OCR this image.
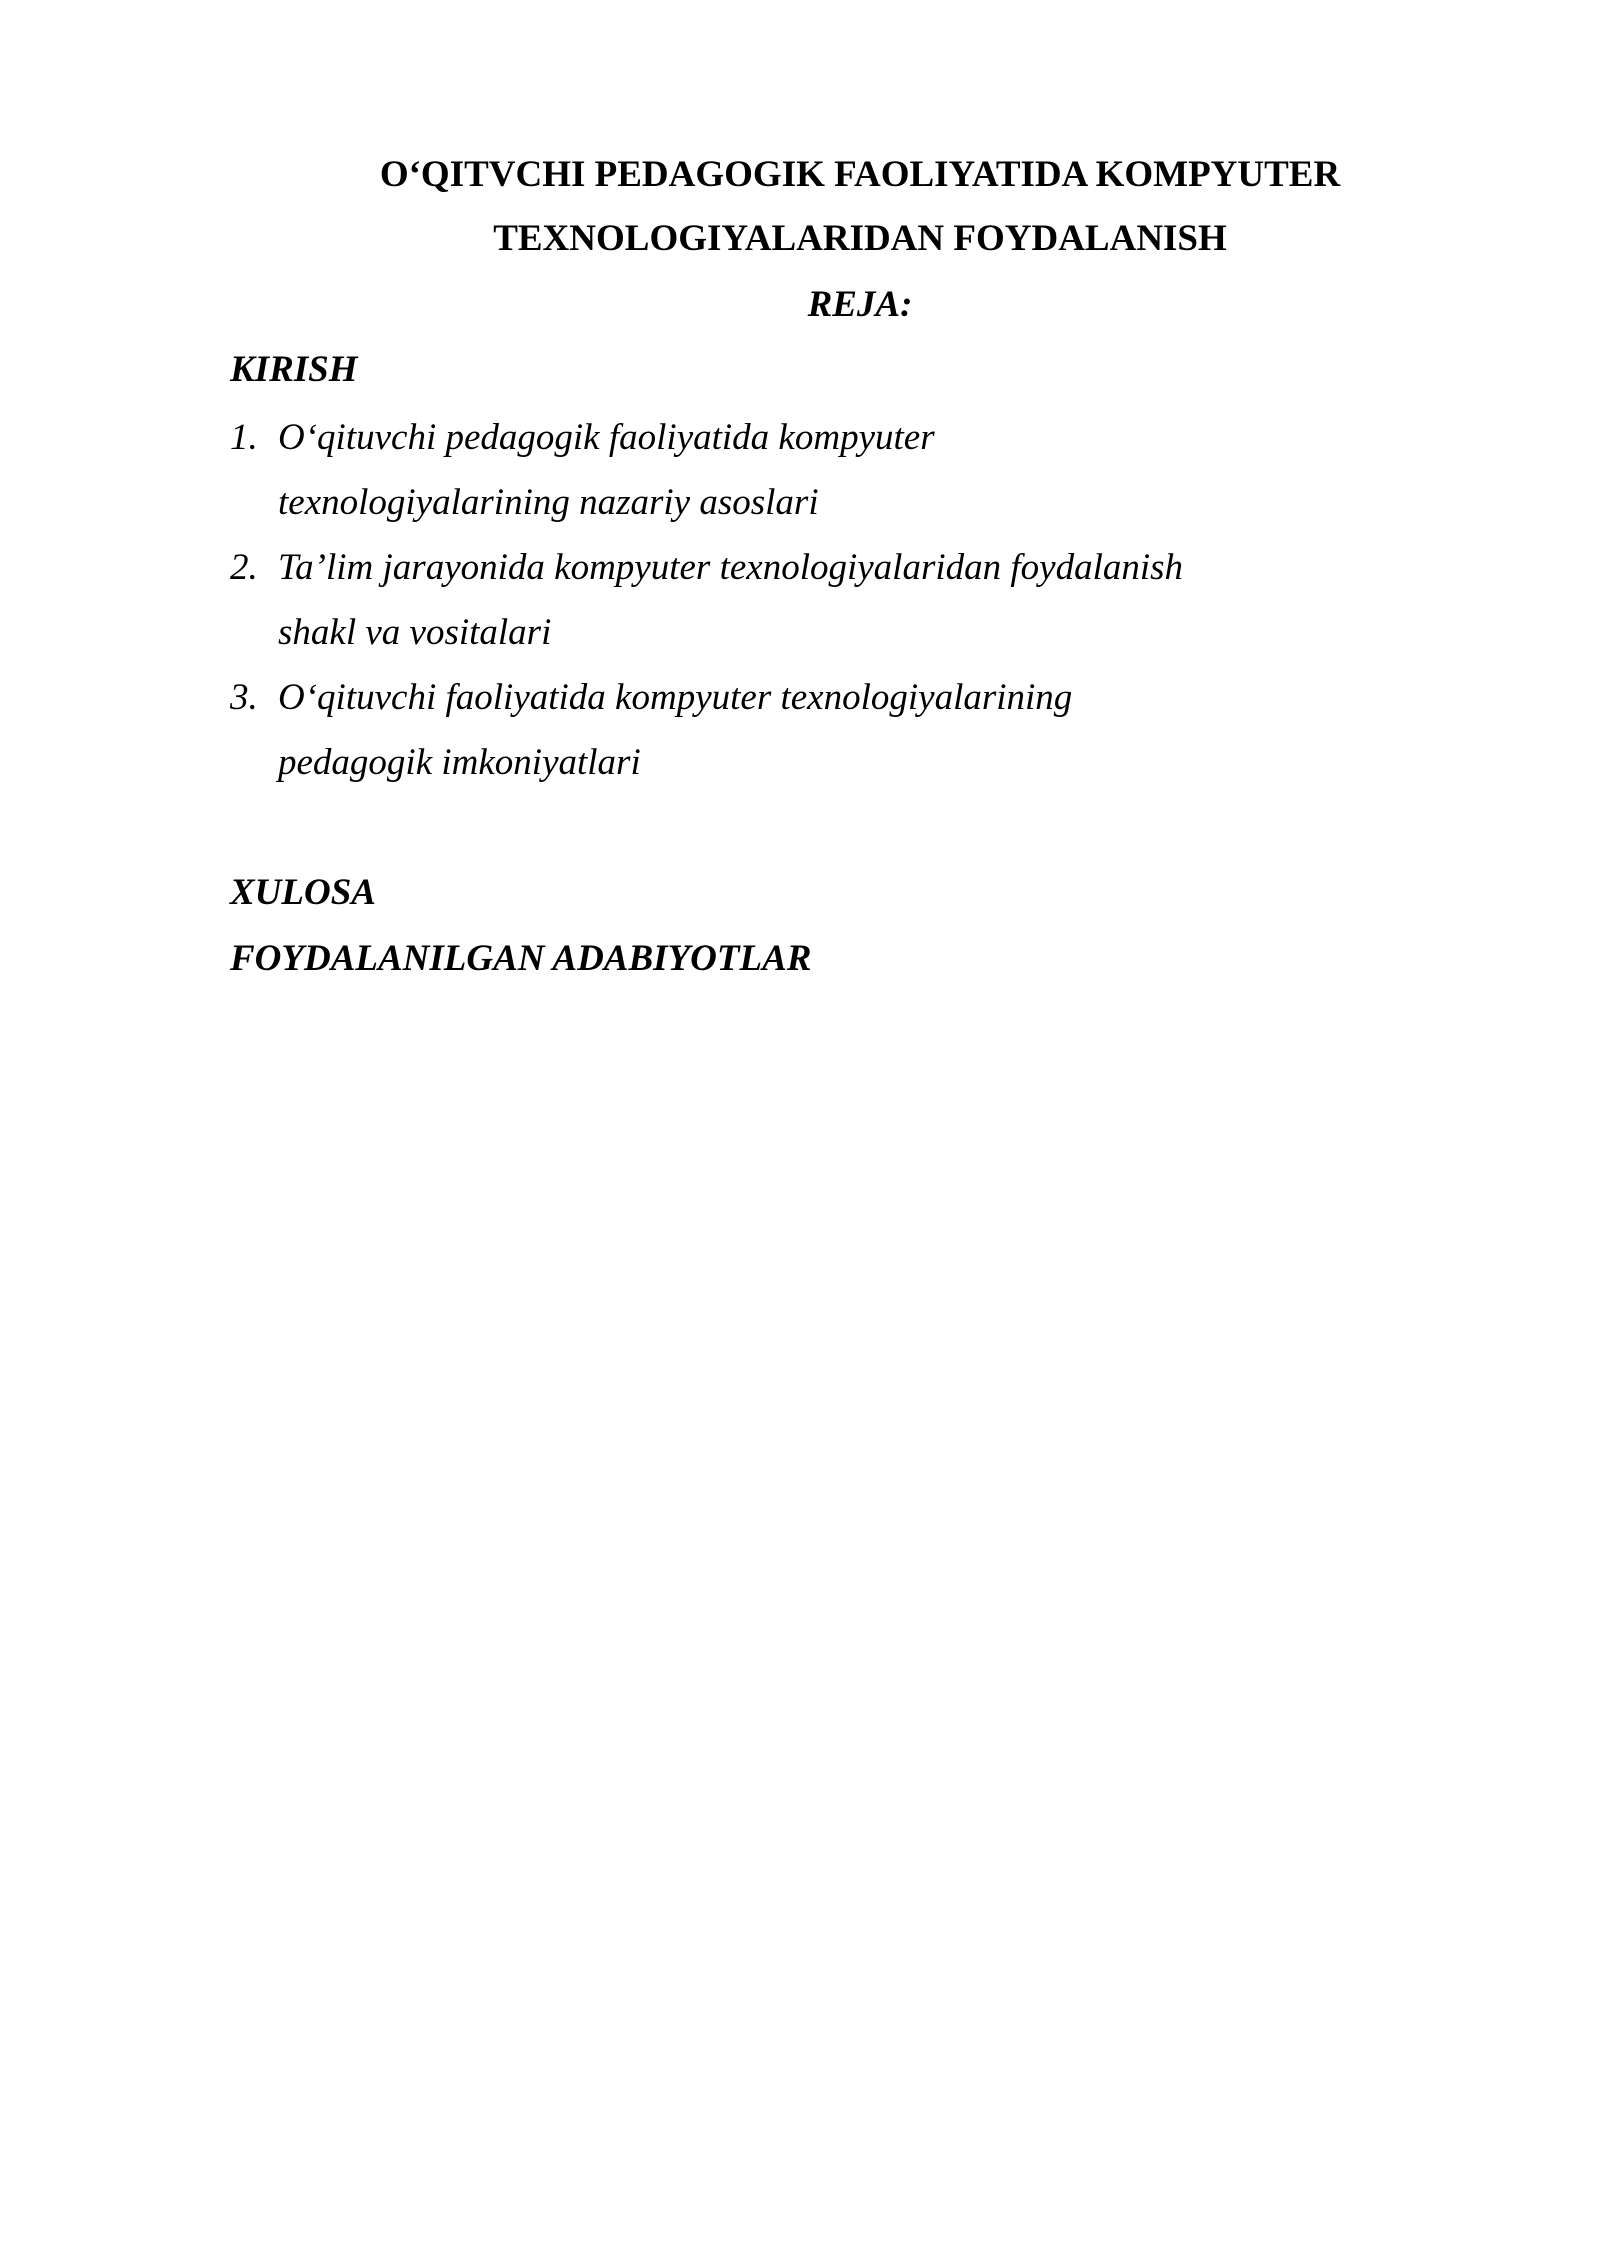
O‘QITVCHI PEDAGOGIK FAOLIYATIDA KOMPYUTER
TEXNOLOGIYALARIDAN FOYDALANISH
REJA:
KIRISH
1. O‘qituvchi pedagogik faoliyatida kompyuter
texnologiyalarining nazariy asoslari
2. Ta’lim jarayonida kompyuter texnologiyalaridan foydalanish
shakl va vositalari
3. O‘qituvchi faoliyatida kompyuter texnologiyalarining
pedagogik imkoniyatlari
XULOSA
FOYDALANILGAN ADABIYOTLAR
